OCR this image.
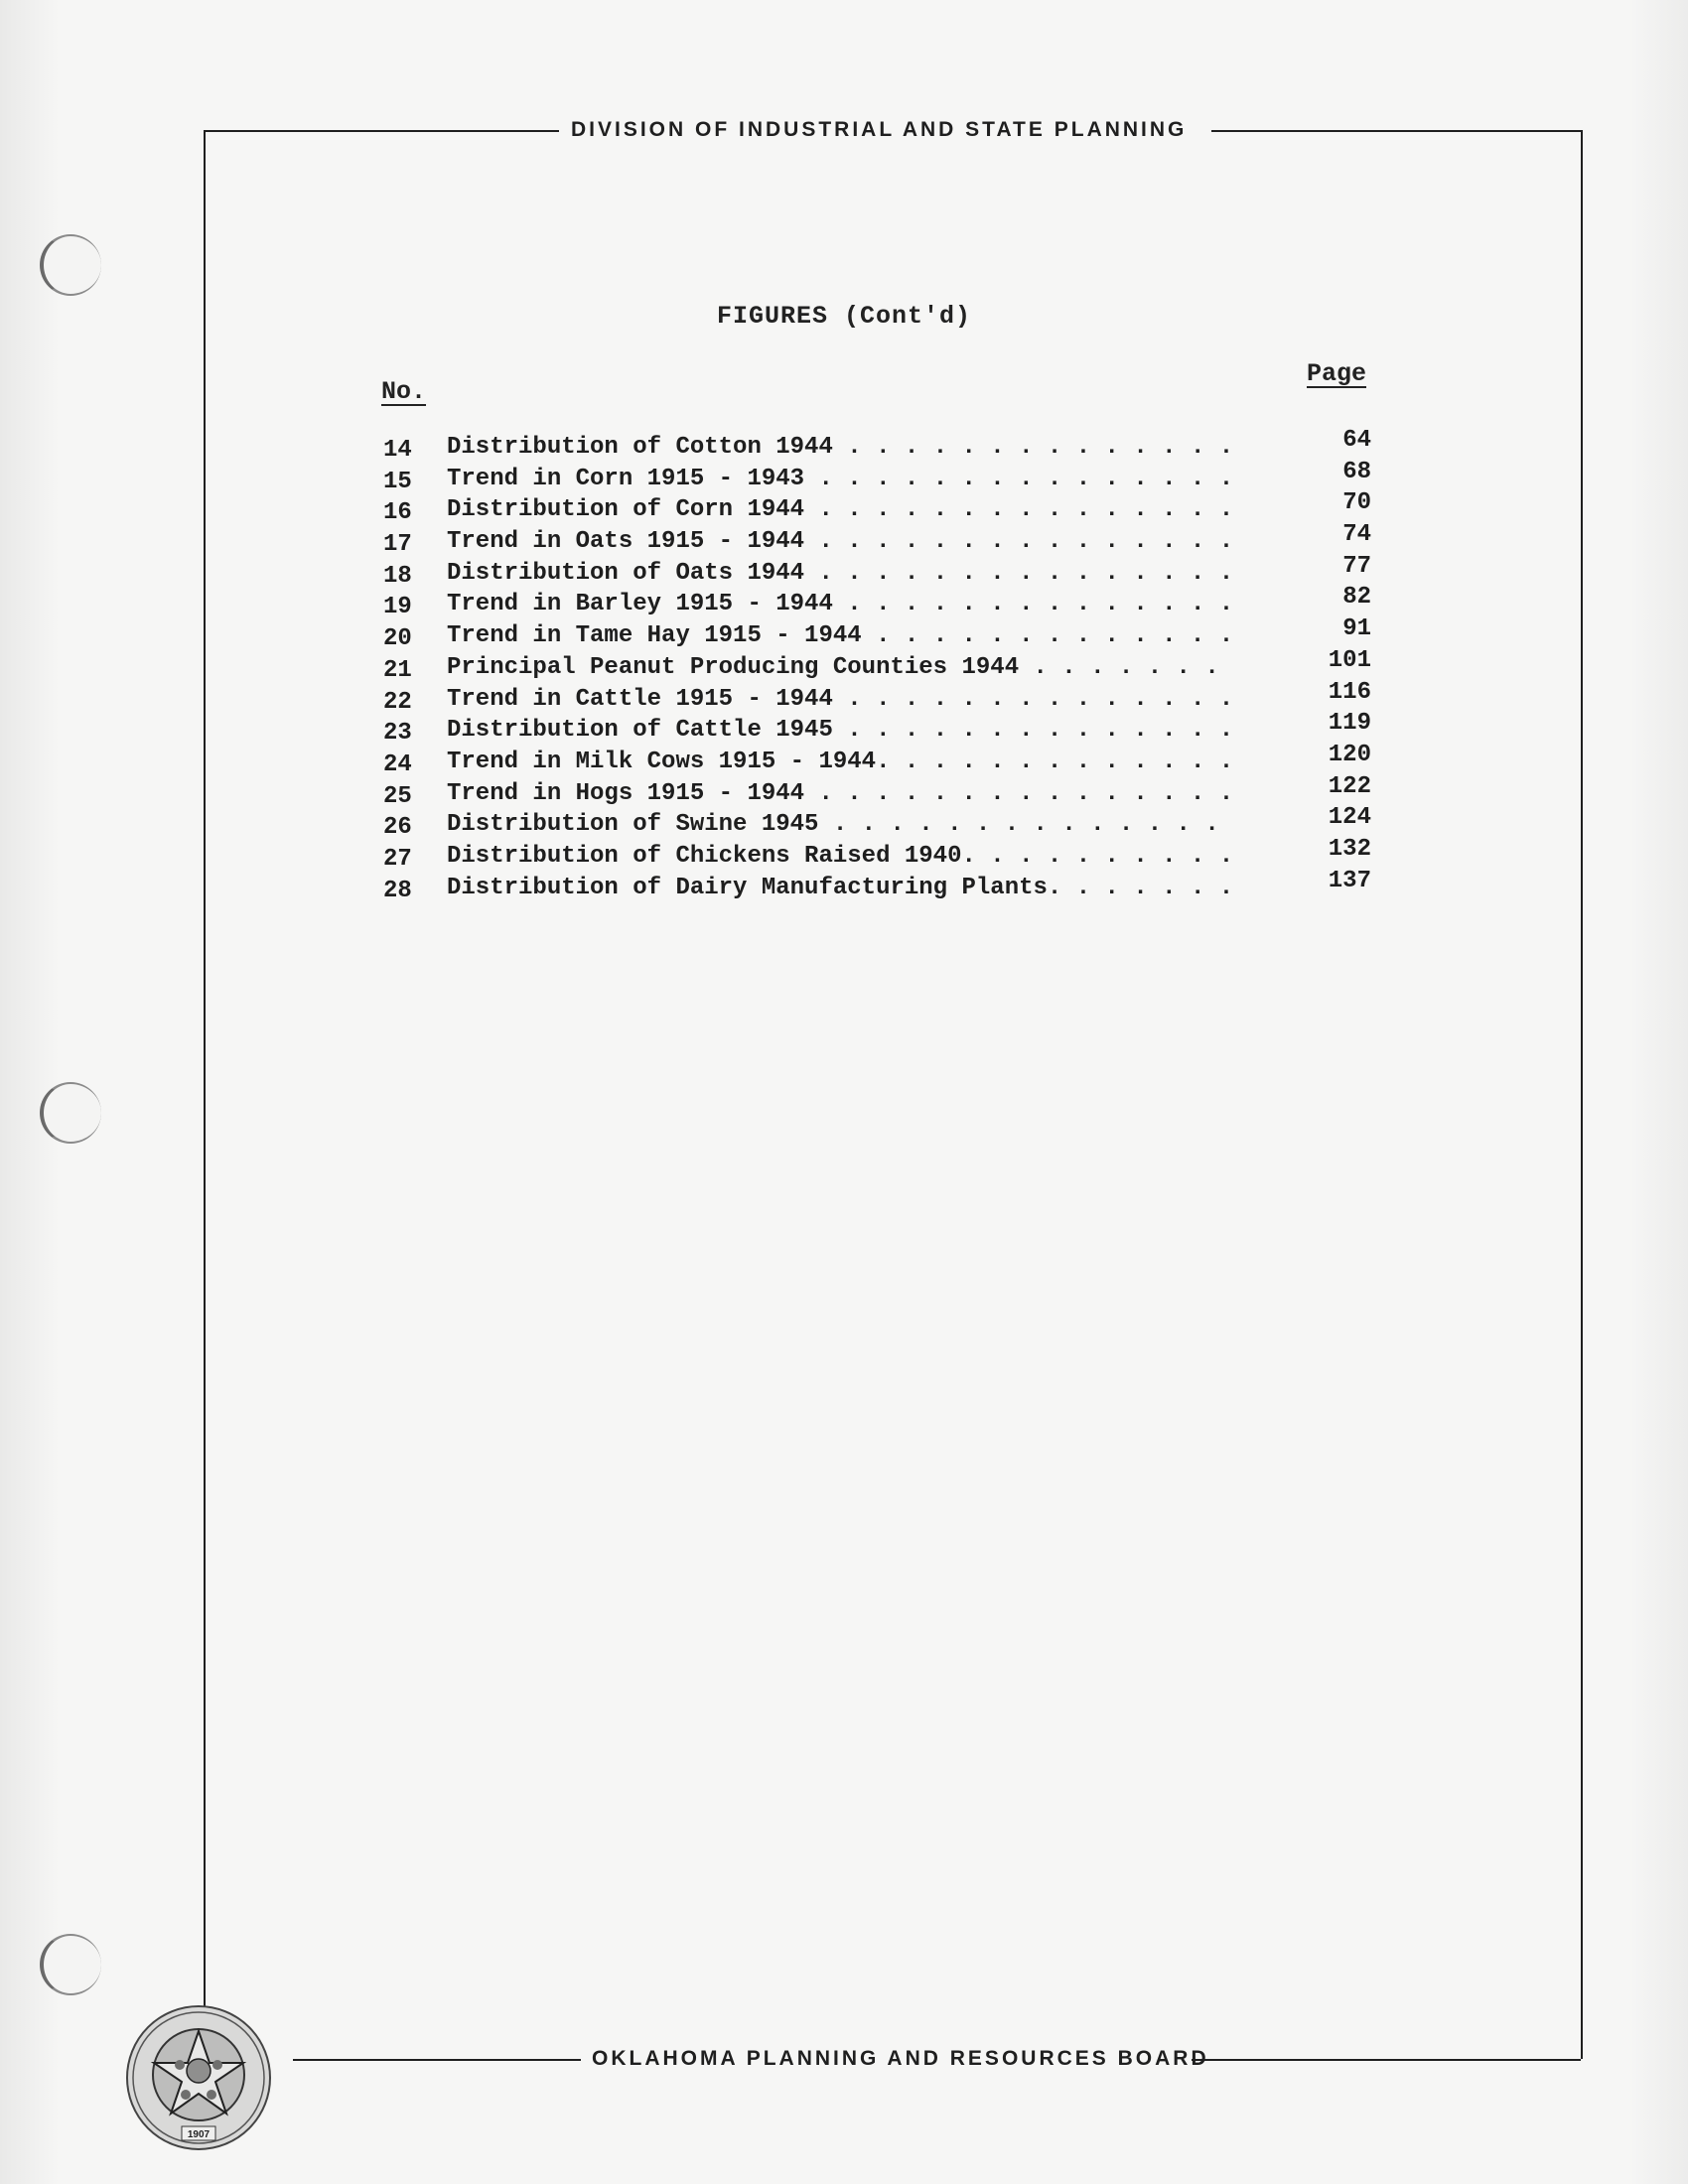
DIVISION OF INDUSTRIAL AND STATE PLANNING
OKLAHOMA PLANNING AND RESOURCES BOARD
FIGURES (Cont'd)
No.
Page
14	Distribution of Cotton 1944 . . . . . . . . . . . . . .	64
15	Trend in Corn 1915 - 1943 . . . . . . . . . . . . . . .	68
16	Distribution of Corn 1944 . . . . . . . . . . . . . . .	70
17	Trend in Oats 1915 - 1944 . . . . . . . . . . . . . . .	74
18	Distribution of Oats 1944 . . . . . . . . . . . . . . .	77
19	Trend in Barley 1915 - 1944 . . . . . . . . . . . . . .	82
20	Trend in Tame Hay 1915 - 1944 . . . . . . . . . . . . .	91
21	Principal Peanut Producing Counties 1944 . . . . . . .	101
22	Trend in Cattle 1915 - 1944 . . . . . . . . . . . . . .	116
23	Distribution of Cattle 1945 . . . . . . . . . . . . . .	119
24	Trend in Milk Cows 1915 - 1944. . . . . . . . . . . . .	120
25	Trend in Hogs 1915 - 1944 . . . . . . . . . . . . . . .	122
26	Distribution of Swine 1945 . . . . . . . . . . . . . .	124
27	Distribution of Chickens Raised 1940. . . . . . . . . .	132
28	Distribution of Dairy Manufacturing Plants. . . . . . .	137
1907
